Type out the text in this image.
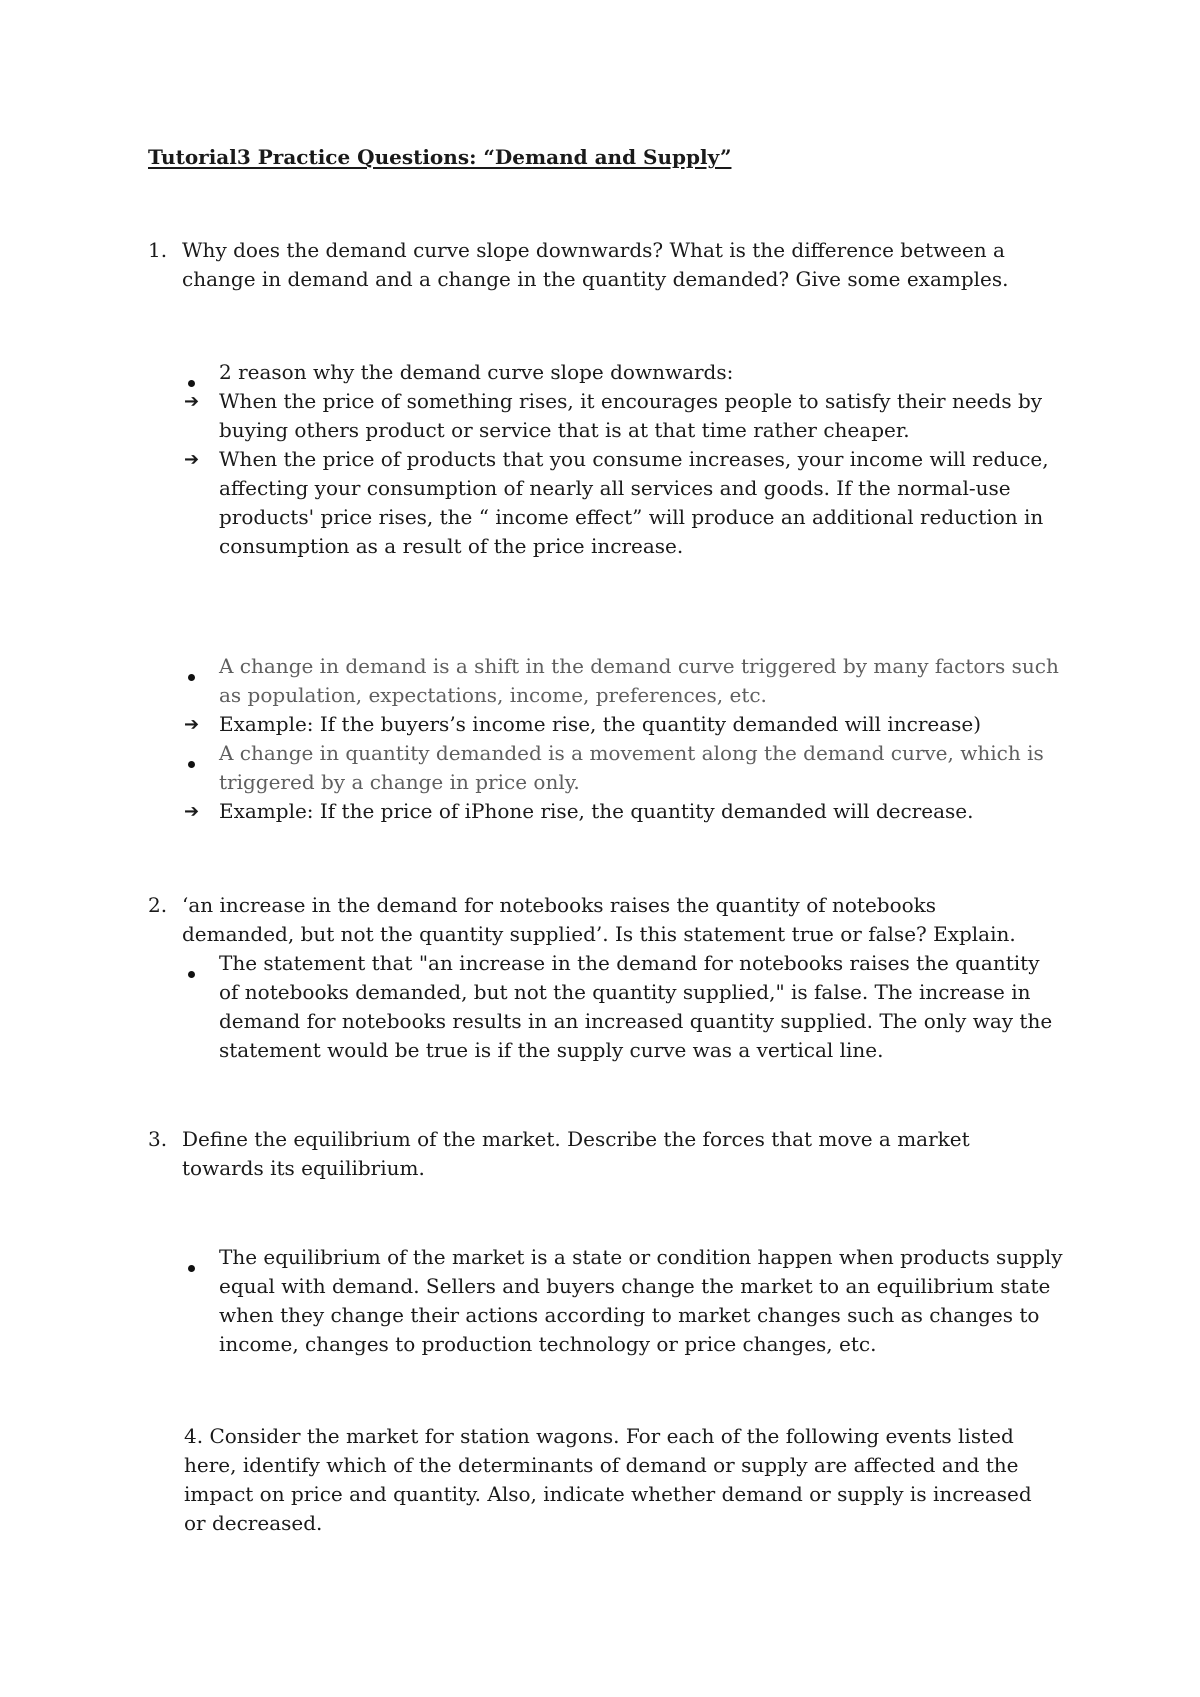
Tutorial3 Practice Questions: “Demand and Supply”
1. Why does the demand curve slope downwards? What is the difference between a change in demand and a change in the quantity demanded? Give some examples.
2 reason why the demand curve slope downwards:
➔ When the price of something rises, it encourages people to satisfy their needs by buying others product or service that is at that time rather cheaper.
➔ When the price of products that you consume increases, your income will reduce, affecting your consumption of nearly all services and goods. If the normal-use products' price rises, the “ income effect” will produce an additional reduction in consumption as a result of the price increase.
A change in demand is a shift in the demand curve triggered by many factors such as population, expectations, income, preferences, etc.
➔ Example: If the buyers’s income rise, the quantity demanded will increase)
A change in quantity demanded is a movement along the demand curve, which is triggered by a change in price only.
➔ Example: If the price of iPhone rise, the quantity demanded will decrease.
2. ‘an increase in the demand for notebooks raises the quantity of notebooks demanded, but not the quantity supplied’. Is this statement true or false? Explain.
The statement that "an increase in the demand for notebooks raises the quantity of notebooks demanded, but not the quantity supplied," is false. The increase in demand for notebooks results in an increased quantity supplied. The only way the statement would be true is if the supply curve was a vertical line.
3. Define the equilibrium of the market. Describe the forces that move a market towards its equilibrium.
The equilibrium of the market is a state or condition happen when products supply equal with demand. Sellers and buyers change the market to an equilibrium state when they change their actions according to market changes such as changes to income, changes to production technology or price changes, etc.
4. Consider the market for station wagons. For each of the following events listed here, identify which of the determinants of demand or supply are affected and the impact on price and quantity. Also, indicate whether demand or supply is increased or decreased.
